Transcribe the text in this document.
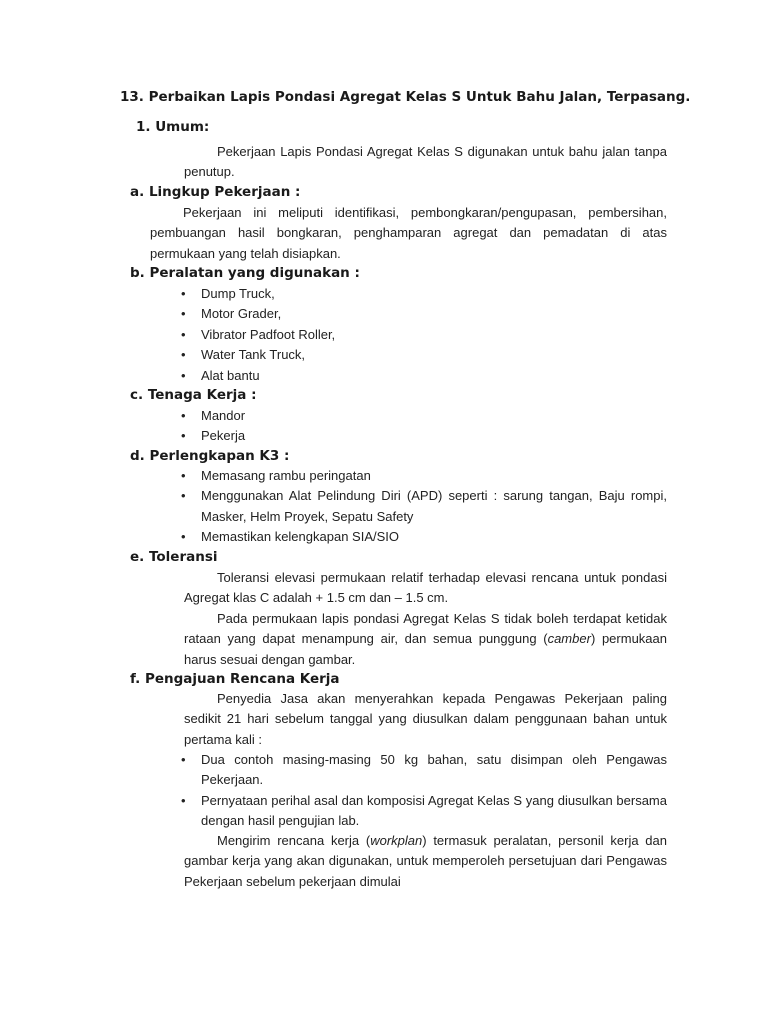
13. Perbaikan Lapis Pondasi Agregat Kelas S Untuk Bahu Jalan, Terpasang.
1. Umum:
Pekerjaan Lapis Pondasi Agregat Kelas S digunakan untuk bahu jalan tanpa penutup.
a. Lingkup Pekerjaan :
Pekerjaan ini meliputi identifikasi, pembongkaran/pengupasan, pembersihan, pembuangan hasil bongkaran, penghamparan agregat dan pemadatan di atas permukaan yang telah disiapkan.
b. Peralatan yang digunakan :
• Dump Truck,
• Motor Grader,
• Vibrator Padfoot Roller,
• Water Tank Truck,
• Alat bantu
c. Tenaga Kerja :
• Mandor
• Pekerja
d. Perlengkapan K3 :
• Memasang rambu peringatan
• Menggunakan Alat Pelindung Diri (APD) seperti : sarung tangan, Baju rompi, Masker, Helm Proyek, Sepatu Safety
• Memastikan kelengkapan SIA/SIO
e. Toleransi
Toleransi elevasi permukaan relatif terhadap elevasi rencana untuk pondasi Agregat klas C adalah + 1.5 cm dan – 1.5 cm.
Pada permukaan lapis pondasi Agregat Kelas S tidak boleh terdapat ketidak rataan yang dapat menampung air, dan semua punggung (camber) permukaan harus sesuai dengan gambar.
f. Pengajuan Rencana Kerja
Penyedia Jasa akan menyerahkan kepada Pengawas Pekerjaan paling sedikit 21 hari sebelum tanggal yang diusulkan dalam penggunaan bahan untuk pertama kali :
• Dua contoh masing-masing 50 kg bahan, satu disimpan oleh Pengawas Pekerjaan.
• Pernyataan perihal asal dan komposisi Agregat Kelas S yang diusulkan bersama dengan hasil pengujian lab.
Mengirim rencana kerja (workplan) termasuk peralatan, personil kerja dan gambar kerja yang akan digunakan, untuk memperoleh persetujuan dari Pengawas Pekerjaan sebelum pekerjaan dimulai
